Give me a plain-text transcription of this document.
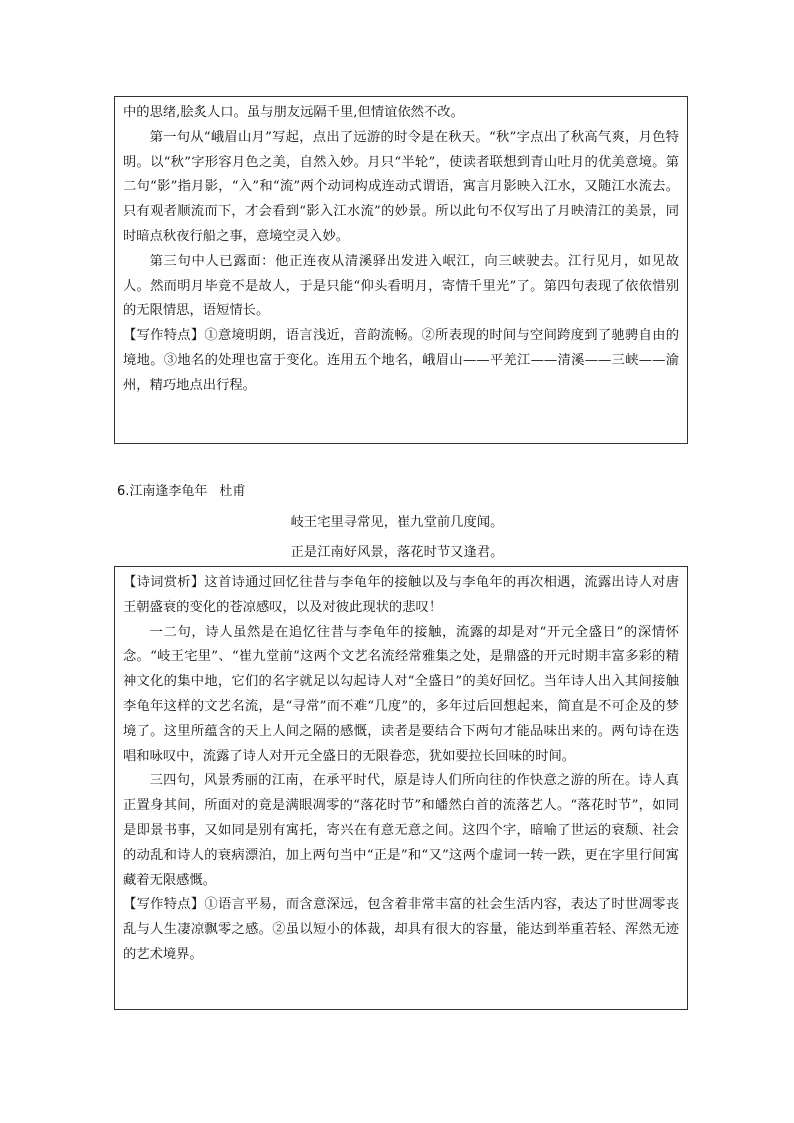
中的思绪,脍炙人口。虽与朋友远隔千里,但情谊依然不改。

第一句从“峨眉山月”写起，点出了远游的时令是在秋天。“秋”字点出了秋高气爽，月色特明。以“秋”字形容月色之美，自然入妙。月只“半轮”，使读者联想到青山吐月的优美意境。第二句“影”指月影，“入”和“流”两个动词构成连动式谓语，寓言月影映入江水，又随江水流去。只有观者顺流而下，才会看到“影入江水流”的妙景。所以此句不仅写出了月映清江的美景，同时暗点秋夜行船之事，意境空灵入妙。

第三句中人已露面：他正连夜从清溪驿出发进入岷江，向三峡驶去。江行见月，如见故人。然而明月毕竟不是故人，于是只能“仰头看明月，寄情千里光”了。第四句表现了依依惜别的无限情思，语短情长。

【写作特点】①意境明朗，语言浅近，音韵流畅。②所表现的时间与空间跨度到了驰骋自由的境地。③地名的处理也富于变化。连用五个地名，峨眉山——平羌江——清溪——三峡——渝州，精巧地点出行程。

6.江南逢李龟年 杜甫
岐王宅里寻常见，崔九堂前几度闻。
正是江南好风景，落花时节又逢君。

【诗词赏析】这首诗通过回忆往昔与李龟年的接触以及与李龟年的再次相遇，流露出诗人对唐王朝盛衰的变化的苍凉感叹，以及对彼此现状的悲叹！

一二句，诗人虽然是在追忆往昔与李龟年的接触，流露的却是对“开元全盛日”的深情怀念。“岐王宅里”、“崔九堂前”这两个文艺名流经常雅集之处，是鼎盛的开元时期丰富多彩的精神文化的集中地，它们的名字就足以勾起诗人对“全盛日”的美好回忆。当年诗人出入其间接触李龟年这样的文艺名流，是“寻常”而不难“几度”的，多年过后回想起来，简直是不可企及的梦境了。这里所蕴含的天上人间之隔的感慨，读者是要结合下两句才能品味出来的。两句诗在迭唱和咏叹中，流露了诗人对开元全盛日的无限眷恋，犹如要拉长回味的时间。

三四句，风景秀丽的江南，在承平时代，原是诗人们所向往的作快意之游的所在。诗人真正置身其间，所面对的竟是满眼凋零的“落花时节”和皤然白首的流落艺人。“落花时节”，如同是即景书事，又如同是别有寓托，寄兴在有意无意之间。这四个字，暗喻了世运的衰颓、社会的动乱和诗人的衰病漂泊，加上两句当中“正是”和“又”这两个虚词一转一跌，更在字里行间寓藏着无限感慨。

【写作特点】①语言平易，而含意深远，包含着非常丰富的社会生活内容，表达了时世凋零丧乱与人生凄凉飘零之感。②虽以短小的体裁，却具有很大的容量，能达到举重若轻、浑然无迹的艺术境界。
